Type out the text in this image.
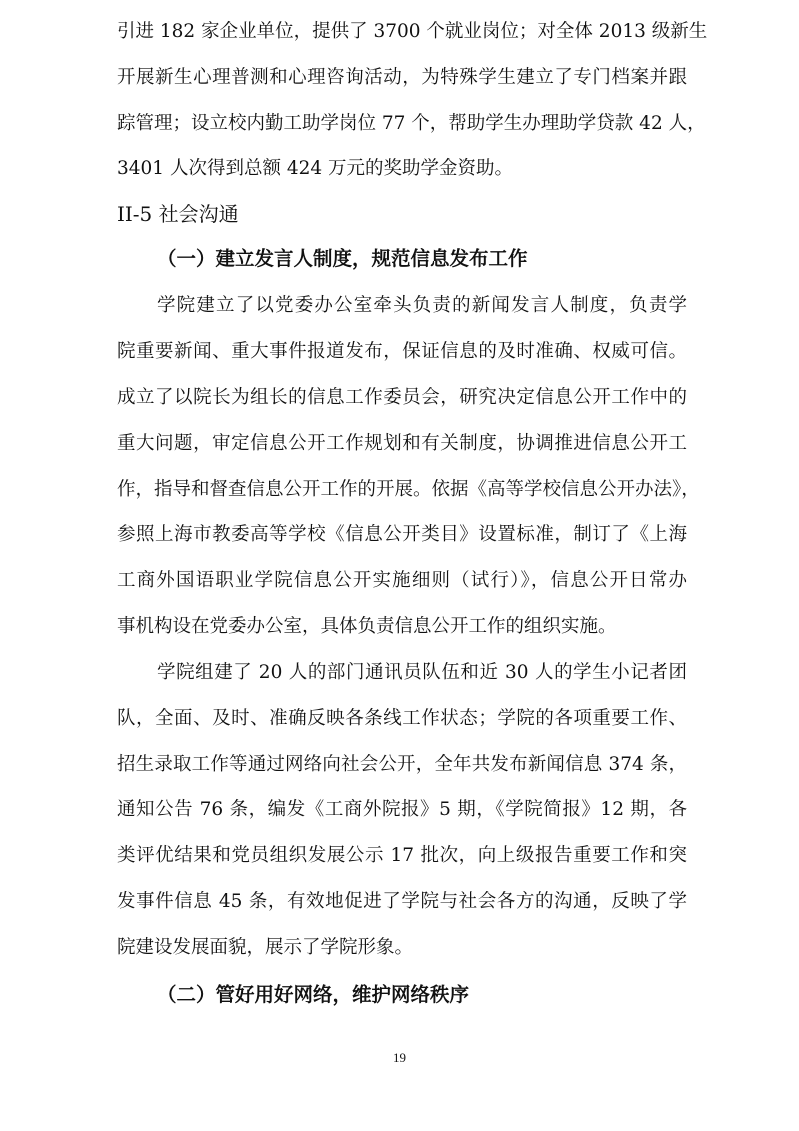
引进 182 家企业单位，提供了 3700 个就业岗位；对全体 2013 级新生
开展新生心理普测和心理咨询活动，为特殊学生建立了专门档案并跟
踪管理；设立校内勤工助学岗位 77 个，帮助学生办理助学贷款 42 人，
3401 人次得到总额 424 万元的奖助学金资助。
II-5 社会沟通
（一）建立发言人制度，规范信息发布工作
学院建立了以党委办公室牵头负责的新闻发言人制度，负责学
院重要新闻、重大事件报道发布，保证信息的及时准确、权威可信。
成立了以院长为组长的信息工作委员会，研究决定信息公开工作中的
重大问题，审定信息公开工作规划和有关制度，协调推进信息公开工
作，指导和督查信息公开工作的开展。依据《高等学校信息公开办法》，
参照上海市教委高等学校《信息公开类目》设置标准，制订了《上海
工商外国语职业学院信息公开实施细则（试行）》，信息公开日常办
事机构设在党委办公室，具体负责信息公开工作的组织实施。
学院组建了 20 人的部门通讯员队伍和近 30 人的学生小记者团
队，全面、及时、准确反映各条线工作状态；学院的各项重要工作、
招生录取工作等通过网络向社会公开，全年共发布新闻信息 374 条，
通知公告 76 条，编发《工商外院报》5 期，《学院简报》12 期，各
类评优结果和党员组织发展公示 17 批次，向上级报告重要工作和突
发事件信息 45 条，有效地促进了学院与社会各方的沟通，反映了学
院建设发展面貌，展示了学院形象。
（二）管好用好网络，维护网络秩序
19
